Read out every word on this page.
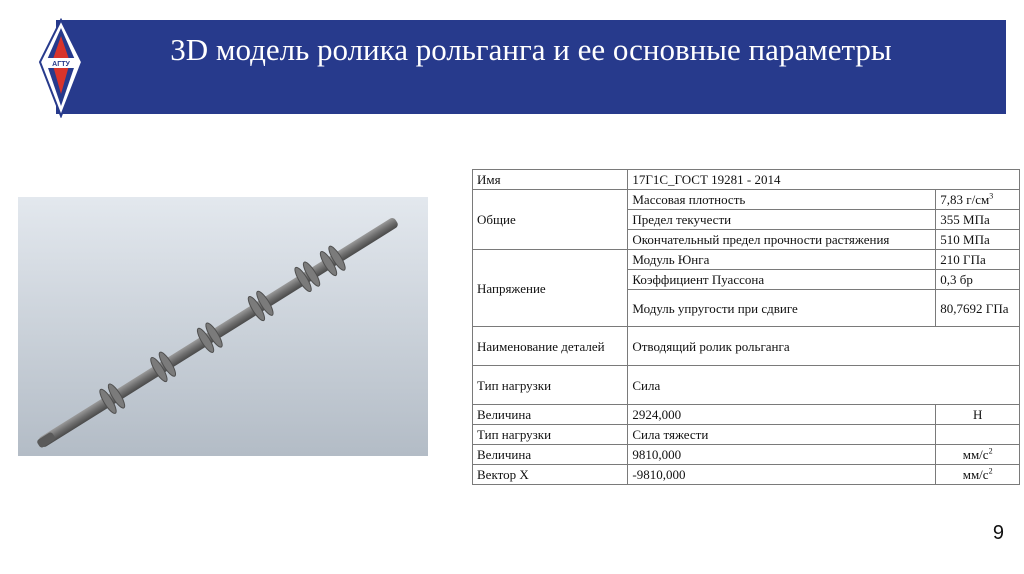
АГТУ	3D модель ролика рольганга и ее основные параметры
Имя	17Г1С_ГОСТ 19281 - 2014	
Общие	Массовая плотность	7,83 $г/см^3$
	Предел текучести	355 МПа
	Окончательный предел прочности растяжения	510 МПа
Напряжение	Модуль Юнга	210 ГПа
	Коэффициент Пуассона	0,3 бр
	Модуль упругости при сдвиге	80,7692 ГПа
Наименование деталей	Отводящий ролик рольганга	
Тип нагрузки	Сила	
Величина	2924,000	Н
Тип нагрузки	Сила тяжести	
Величина	9810,000	$мм/с^2$
Вектор X	-9810,000	$мм/с^2$
9
